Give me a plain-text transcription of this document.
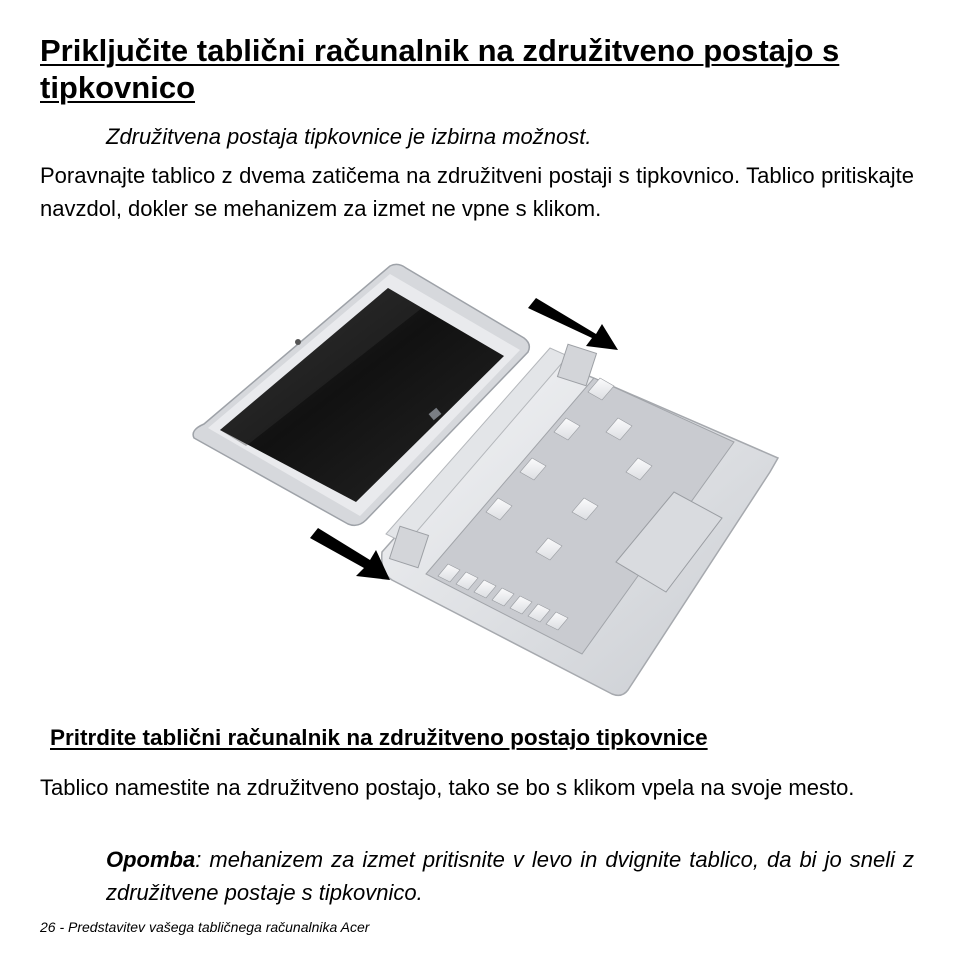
Priključite tablični računalnik na združitveno postajo s tipkovnico

Združitvena postaja tipkovnice je izbirna možnost.

Poravnajte tablico z dvema zatičema na združitveni postaji s tipkovnico. Tablico pritiskajte navzdol, dokler se mehanizem za izmet ne vpne s klikom.

Pritrdite tablični računalnik na združitveno postajo tipkovnice

Tablico namestite na združitveno postajo, tako se bo s klikom vpela na svoje mesto.

Opomba: mehanizem za izmet pritisnite v levo in dvignite tablico, da bi jo sneli z združitvene postaje s tipkovnico.

26 - Predstavitev vašega tabličnega računalnika Acer
